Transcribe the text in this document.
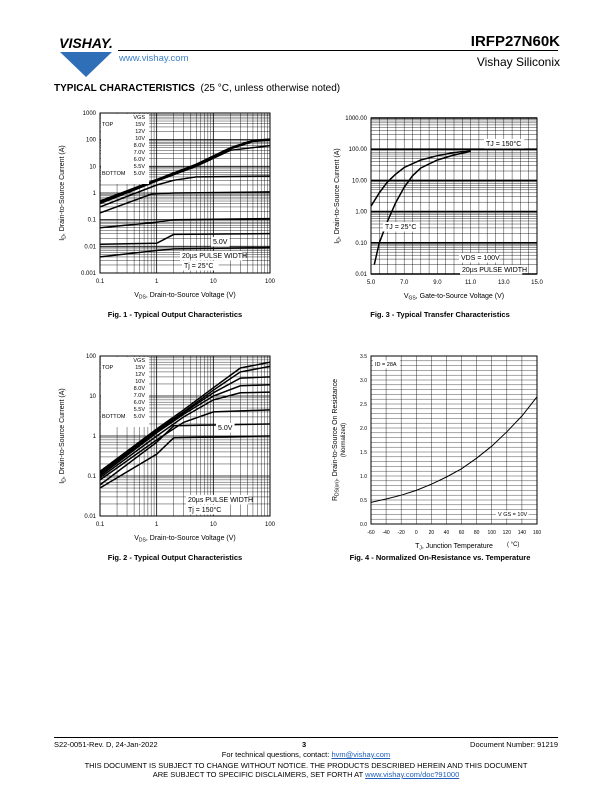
VISHAY.
www.vishay.com
IRFP27N60K
Vishay Siliconix
TYPICAL CHARACTERISTICS (25 °C, unless otherwise noted)
0.1	1	10	100
0.001
0.01
0.1
1
10
100
1000
$V_{DS}$, Drain-to-Source Voltage (V)
$I_D$, Drain-to-Source Current (A)
VGS
TOP
BOTTOM
15V
12V
10V
8.0V
7.0V
6.0V
5.5V
5.0V
5.0V
20µs PULSE WIDTH
Tj = 25°C
0.1	1	10	100
0.01
0.1
1
10
100
$V_{DS}$, Drain-to-Source Voltage (V)
$I_D$, Drain-to-Source Current (A)
VGS
TOP
BOTTOM
15V
12V
10V
8.0V
7.0V
6.0V
5.5V
5.0V
5.0V
20µs PULSE WIDTH
Tj = 150°C
5.0	7.0	9.0	11.0	13.0	15.0
0.01
0.10
1.00
10.00
100.00
1000.00
$V_{GS}$, Gate-to-Source Voltage (V)
$I_D$, Drain-to-Source Current (A)
TJ = 150°C
TJ = 25°C
VDS = 100V
20µs PULSE WIDTH
-60 -40 -20 0 20 40 60 80 100 120 140 160
0.0
0.5
1.0
1.5
2.0
2.5
3.0
3.5
$T_J$, Junction Temperature ( °C)
$R_{DS(on)}$, Drain-to-Source On Resistance (Normalized)
ID = 28A
V GS = 10V
Fig. 1 - Typical Output Characteristics	Fig. 3 - Typical Transfer Characteristics
Fig. 2 - Typical Output Characteristics	Fig. 4 - Normalized On-Resistance vs. Temperature
S22-0051-Rev. D, 24-Jan-2022	3	Document Number: 91219
For technical questions, contact: hvm@vishay.com
THIS DOCUMENT IS SUBJECT TO CHANGE WITHOUT NOTICE. THE PRODUCTS DESCRIBED HEREIN AND THIS DOCUMENT
ARE SUBJECT TO SPECIFIC DISCLAIMERS, SET FORTH AT www.vishay.com/doc?91000
